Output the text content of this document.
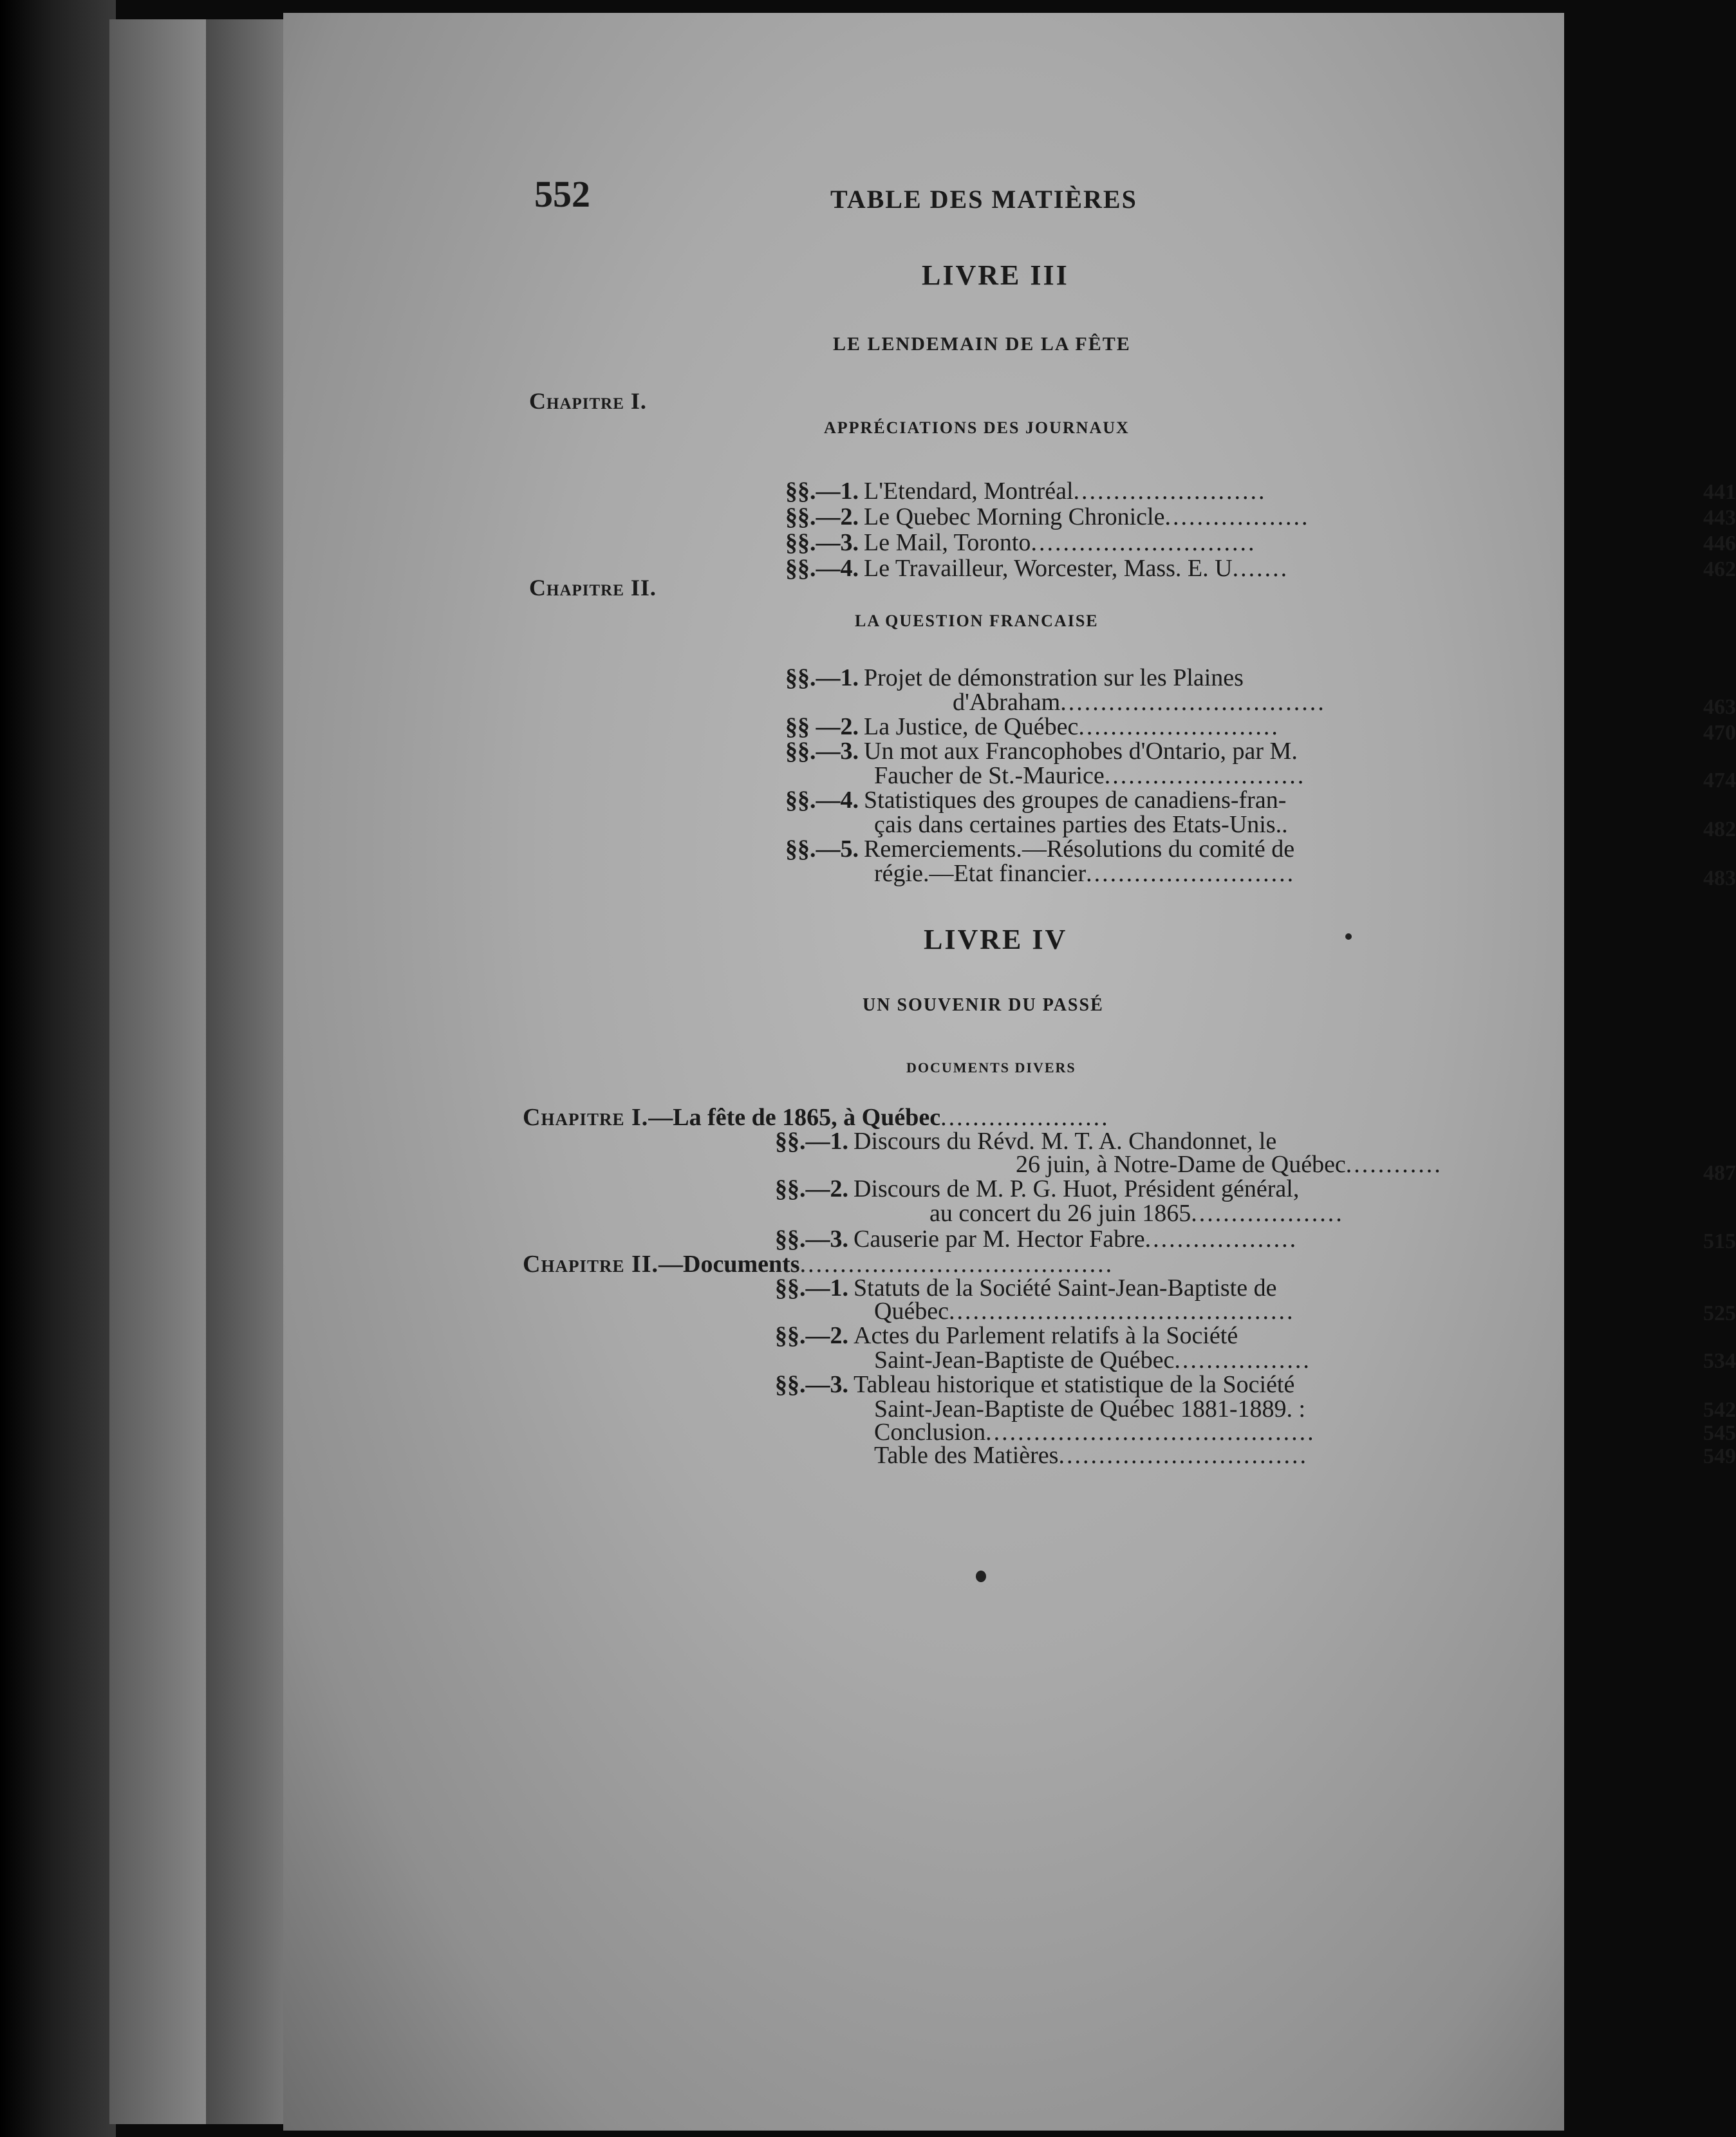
552	TABLE DES MATIÈRES
LIVRE III
LE LENDEMAIN DE LA FÊTE
Chapitre I.
APPRÉCIATIONS DES JOURNAUX
§§.—1. L'Etendard, Montréal........................	441
§§.—2. Le Quebec Morning Chronicle..................	443
§§.—3. Le Mail, Toronto............................	446
§§.—4. Le Travailleur, Worcester, Mass. E. U.......	462
Chapitre II.
LA QUESTION FRANCAISE
§§.—1. Projet de démonstration sur les Plaines
d'Abraham.................................	463
§§ —2. La Justice, de Québec.........................	470
§§.—3. Un mot aux Francophobes d'Ontario, par M.
Faucher de St.-Maurice.........................	474
§§.—4. Statistiques des groupes de canadiens-fran-
çais dans certaines parties des Etats-Unis..	482
§§.—5. Remerciements.—Résolutions du comité de
régie.—Etat financier..........................	483
LIVRE IV
UN SOUVENIR DU PASSÉ
DOCUMENTS DIVERS
Chapitre I.—La fête de 1865, à Québec.....................
§§.—1. Discours du Révd. M. T. A. Chandonnet, le
26 juin, à Notre-Dame de Québec............	487
§§.—2. Discours de M. P. G. Huot, Président général,
au concert du 26 juin 1865...................
§§.—3. Causerie par M. Hector Fabre...................	515
Chapitre II.—Documents.......................................
§§.—1. Statuts de la Société Saint-Jean-Baptiste de
Québec...........................................	525
§§.—2. Actes du Parlement relatifs à la Société
Saint-Jean-Baptiste de Québec.................	534
§§.—3. Tableau historique et statistique de la Société
Saint-Jean-Baptiste de Québec 1881-1889. :	542
Conclusion.........................................	545
Table des Matières...............................	549
